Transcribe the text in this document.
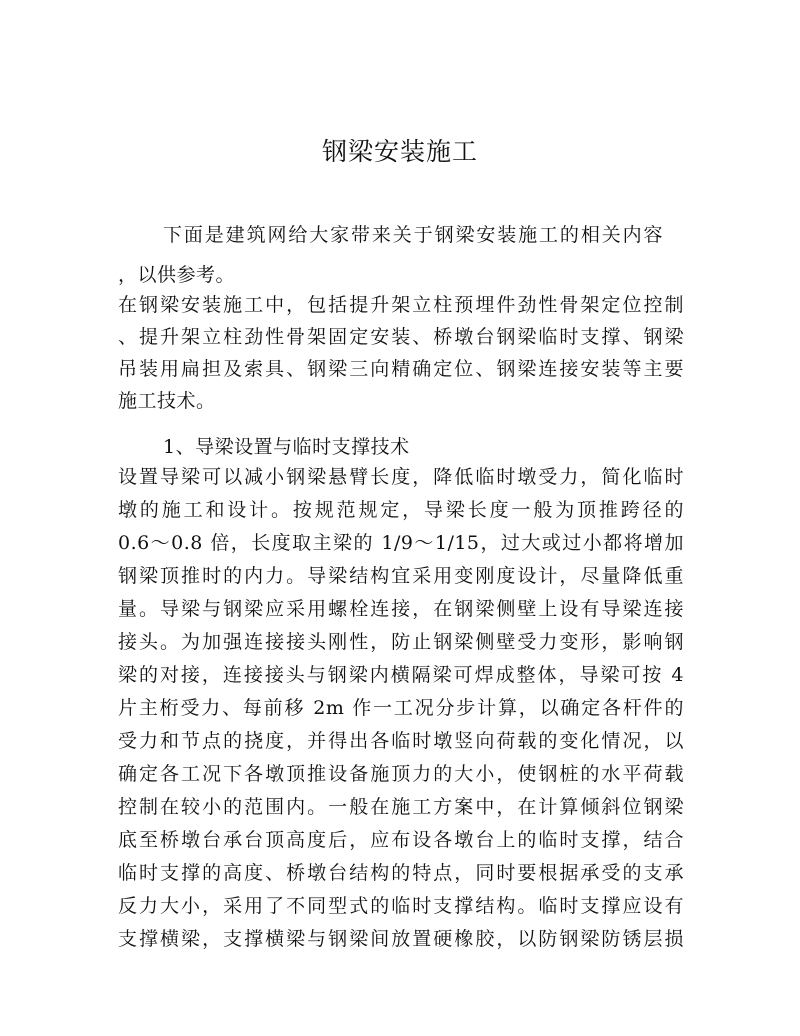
钢梁安装施工
下面是建筑网给大家带来关于钢梁安装施工的相关内容
，以供参考。
在钢梁安装施工中，包括提升架立柱预埋件劲性骨架定位控制
、提升架立柱劲性骨架固定安装、桥墩台钢梁临时支撑、钢梁
吊装用扁担及索具、钢梁三向精确定位、钢梁连接安装等主要
施工技术。
1、导梁设置与临时支撑技术
设置导梁可以减小钢梁悬臂长度，降低临时墩受力，简化临时
墩的施工和设计。按规范规定，导梁长度一般为顶推跨径的
0.6～0.8 倍，长度取主梁的 1/9～1/15，过大或过小都将增加
钢梁顶推时的内力。导梁结构宜采用变刚度设计，尽量降低重
量。导梁与钢梁应采用螺栓连接，在钢梁侧壁上设有导梁连接
接头。为加强连接接头刚性，防止钢梁侧壁受力变形，影响钢
梁的对接，连接接头与钢梁内横隔梁可焊成整体，导梁可按 4
片主桁受力、每前移 2m 作一工况分步计算，以确定各杆件的
受力和节点的挠度，并得出各临时墩竖向荷载的变化情况，以
确定各工况下各墩顶推设备施顶力的大小，使钢桩的水平荷载
控制在较小的范围内。一般在施工方案中，在计算倾斜位钢梁
底至桥墩台承台顶高度后，应布设各墩台上的临时支撑，结合
临时支撑的高度、桥墩台结构的特点，同时要根据承受的支承
反力大小，采用了不同型式的临时支撑结构。临时支撑应设有
支撑横梁，支撑横梁与钢梁间放置硬橡胶，以防钢梁防锈层损
